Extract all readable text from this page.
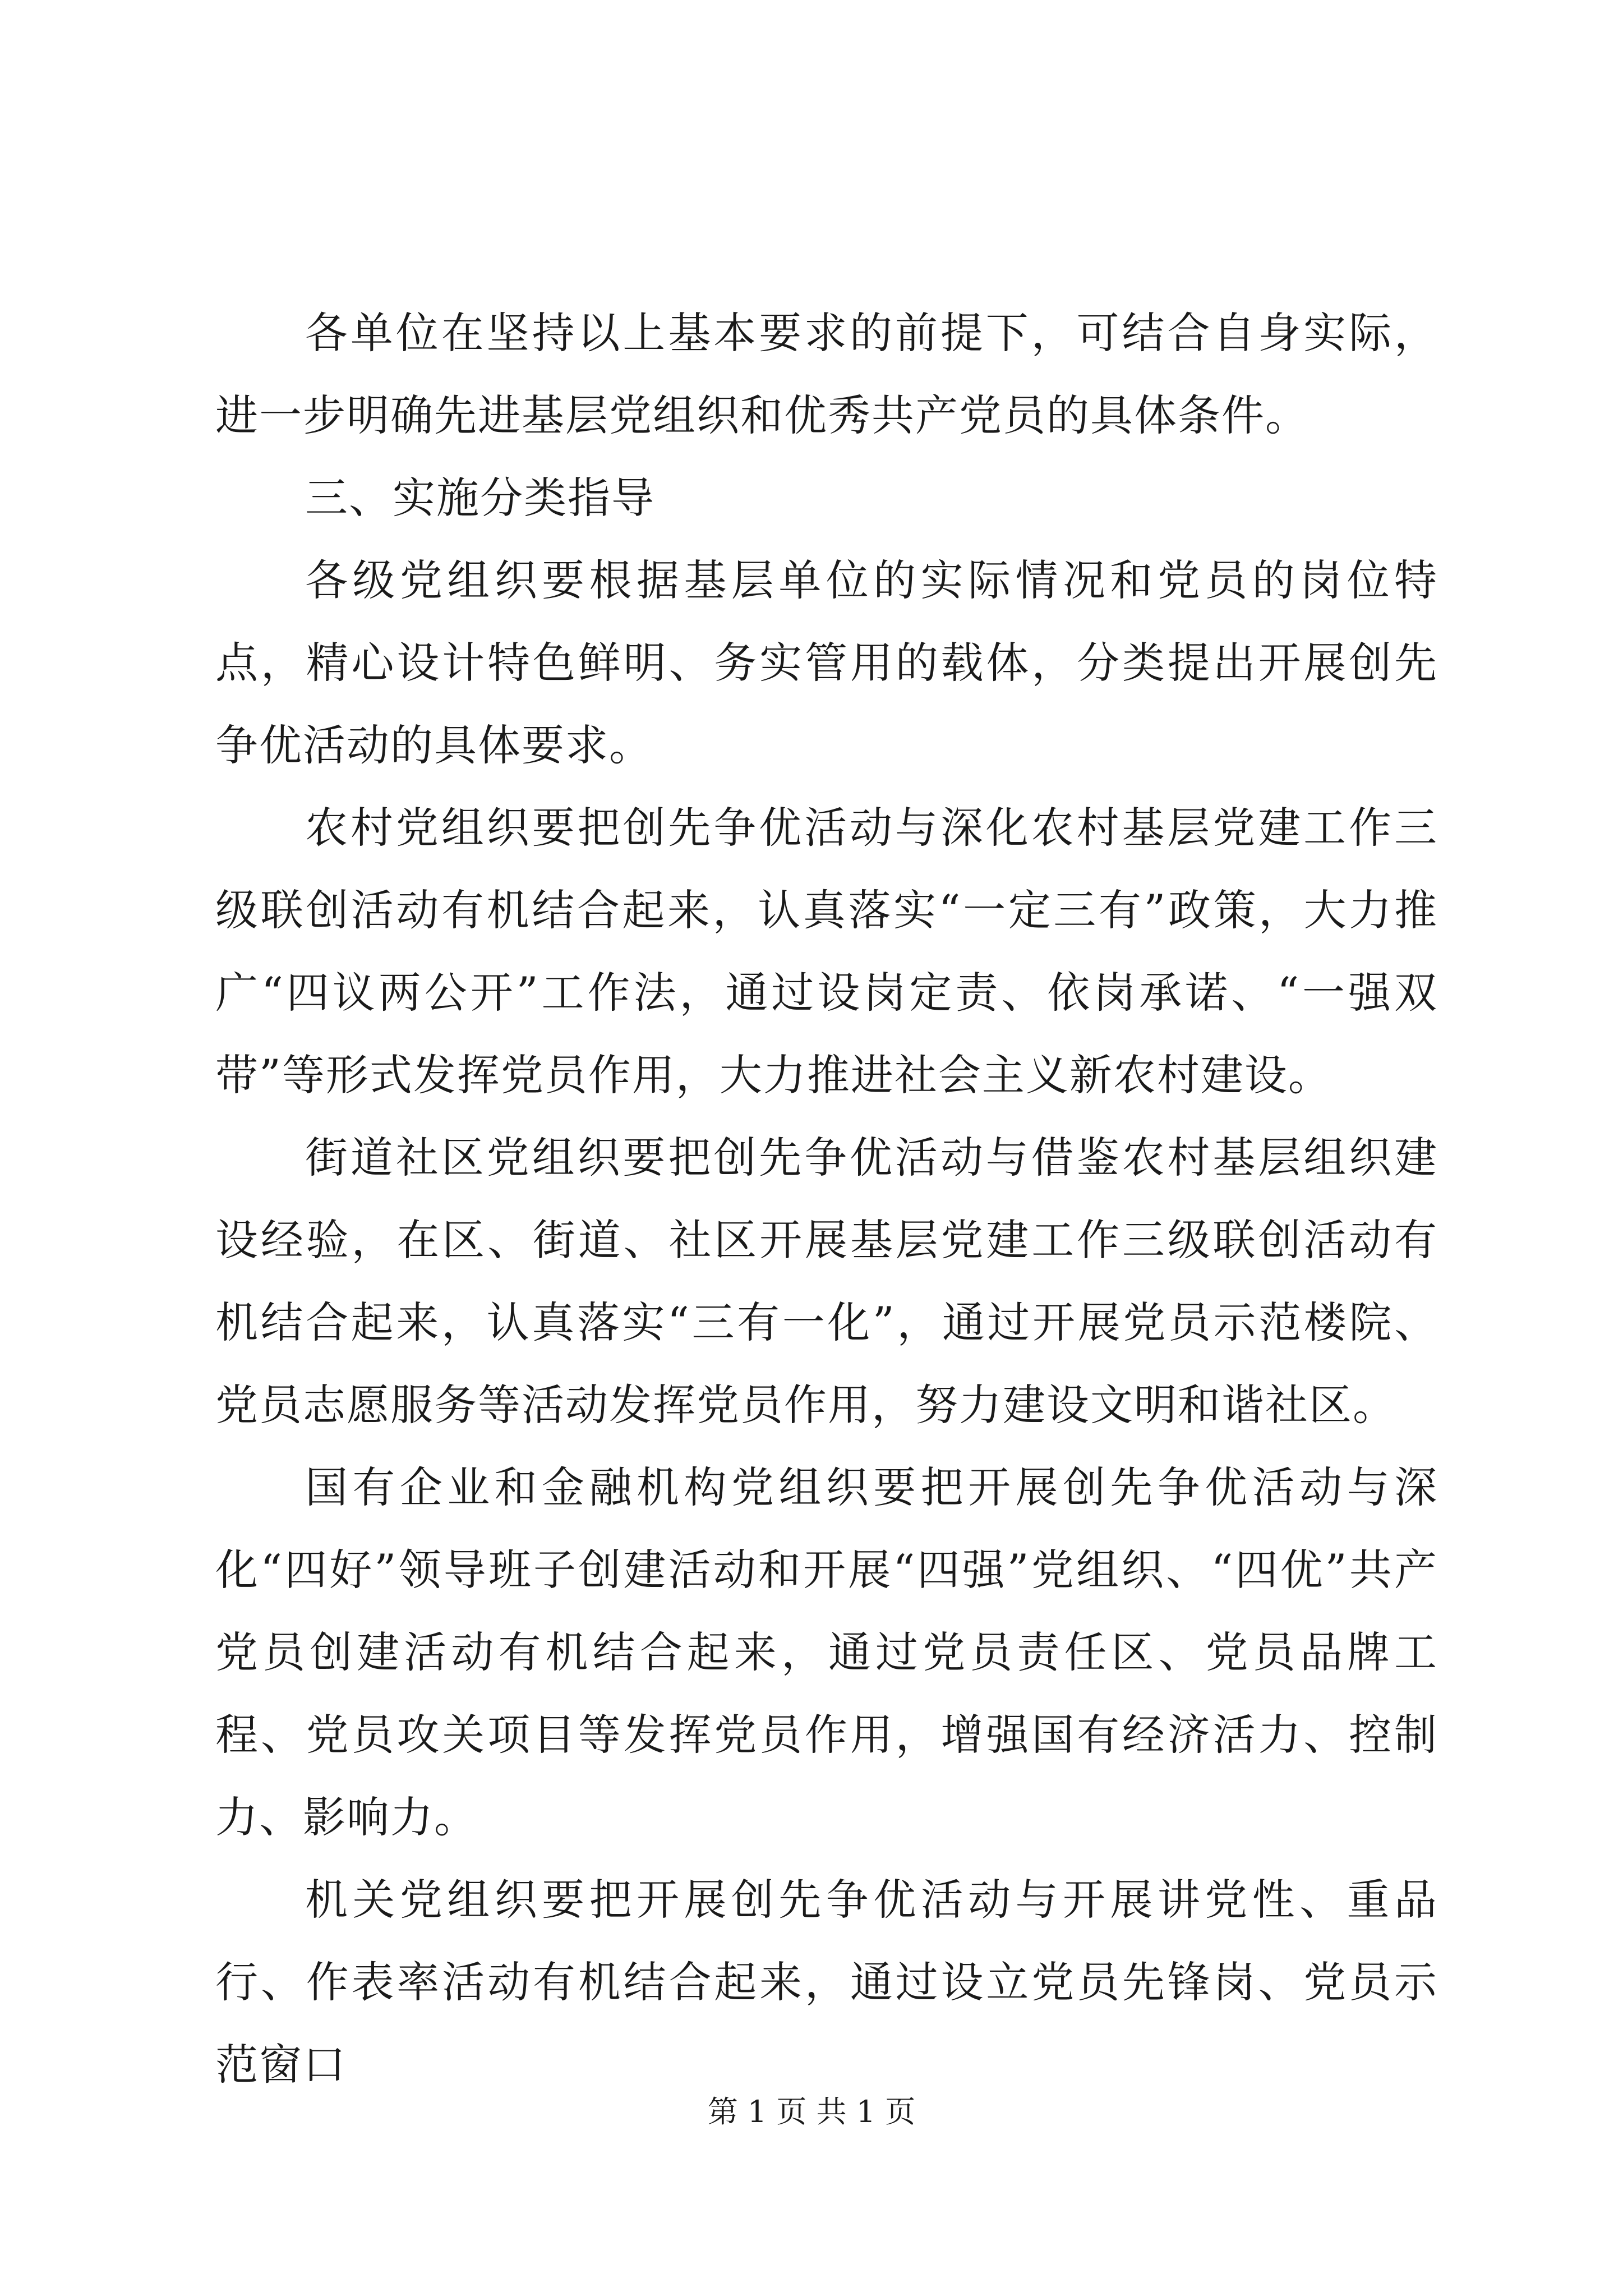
各单位在坚持以上基本要求的前提下，可结合自身实际，进一步明确先进基层党组织和优秀共产党员的具体条件。

三、实施分类指导

各级党组织要根据基层单位的实际情况和党员的岗位特点，精心设计特色鲜明、务实管用的载体，分类提出开展创先争优活动的具体要求。

农村党组织要把创先争优活动与深化农村基层党建工作三级联创活动有机结合起来，认真落实“一定三有”政策，大力推广“四议两公开”工作法，通过设岗定责、依岗承诺、“一强双带”等形式发挥党员作用，大力推进社会主义新农村建设。

街道社区党组织要把创先争优活动与借鉴农村基层组织建设经验，在区、街道、社区开展基层党建工作三级联创活动有机结合起来，认真落实“三有一化”，通过开展党员示范楼院、党员志愿服务等活动发挥党员作用，努力建设文明和谐社区。

国有企业和金融机构党组织要把开展创先争优活动与深化“四好”领导班子创建活动和开展“四强”党组织、“四优”共产党员创建活动有机结合起来，通过党员责任区、党员品牌工程、党员攻关项目等发挥党员作用，增强国有经济活力、控制力、影响力。

机关党组织要把开展创先争优活动与开展讲党性、重品行、作表率活动有机结合起来，通过设立党员先锋岗、党员示范窗口

第 1 页 共 1 页
